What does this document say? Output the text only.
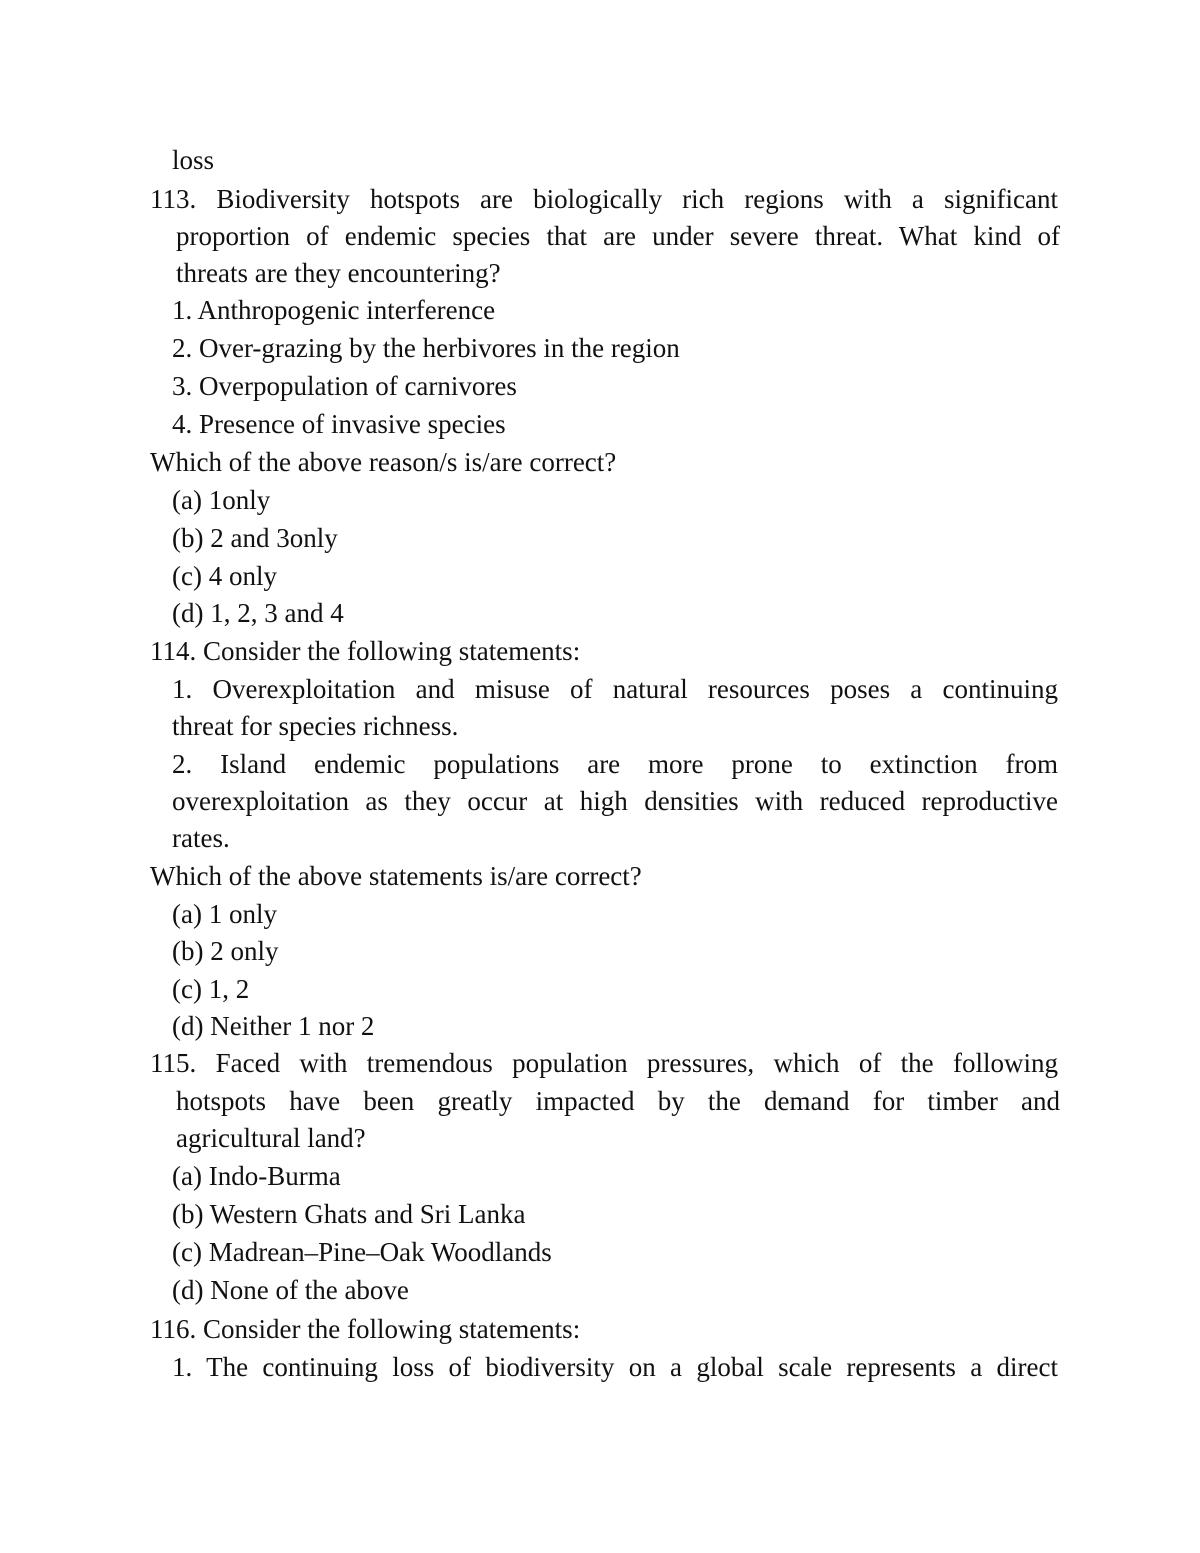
loss
113. Biodiversity hotspots are biologically rich regions with a significant
proportion of endemic species that are under severe threat. What kind of
threats are they encountering?
1. Anthropogenic interference
2. Over-grazing by the herbivores in the region
3. Overpopulation of carnivores
4. Presence of invasive species
Which of the above reason/s is/are correct?
(a) 1only
(b) 2 and 3only
(c) 4 only
(d) 1, 2, 3 and 4
114. Consider the following statements:
1. Overexploitation and misuse of natural resources poses a continuing
threat for species richness.
2. Island endemic populations are more prone to extinction from
overexploitation as they occur at high densities with reduced reproductive
rates.
Which of the above statements is/are correct?
(a) 1 only
(b) 2 only
(c) 1, 2
(d) Neither 1 nor 2
115. Faced with tremendous population pressures, which of the following
hotspots have been greatly impacted by the demand for timber and
agricultural land?
(a) Indo-Burma
(b) Western Ghats and Sri Lanka
(c) Madrean–Pine–Oak Woodlands
(d) None of the above
116. Consider the following statements:
1. The continuing loss of biodiversity on a global scale represents a direct
